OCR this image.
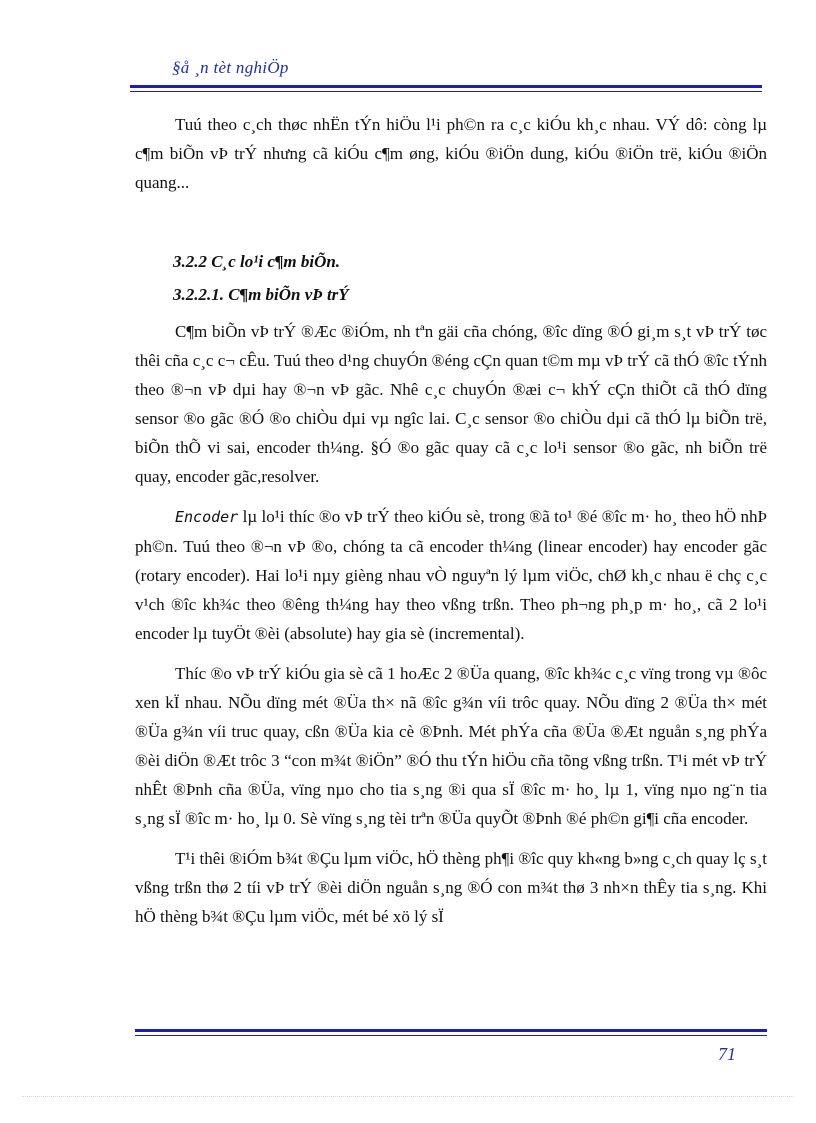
§å ¸n tèt nghiÖp

Tuú theo c¸ch thøc nhËn tÝn hiÖu l¹i ph©n ra c¸c kiÓu kh¸c nhau. VÝ dô: còng lµ c¶m biÕn vÞ trÝ nhưng cã kiÓu c¶m øng, kiÓu ®iÖn dung, kiÓu ®iÖn trë, kiÓu ®iÖn quang...

3.2.2 C¸c lo¹i c¶m biÕn.
3.2.2.1. C¶m biÕn vÞ trÝ

C¶m biÕn vÞ trÝ ®Æc ®iÓm, nh tªn gäi cña chóng, ®îc dïng ®Ó gi¸m s¸t vÞ trÝ tøc thêi cña c¸c c¬ cÊu. Tuú theo d¹ng chuyÓn ®éng cÇn quan t©m mµ vÞ trÝ cã thÓ ®îc tÝnh theo ®¬n vÞ dµi hay ®¬n vÞ gãc. Nhê c¸c chuyÓn ®æi c¬ khÝ cÇn thiÕt cã thÓ dïng sensor ®o gãc ®Ó ®o chiÒu dµi vµ ngîc lai. C¸c sensor ®o chiÒu dµi cã thÓ lµ biÕn trë, biÕn thÕ vi sai, encoder th¼ng. §Ó ®o gãc quay cã c¸c lo¹i sensor ®o gãc, nh biÕn trë quay, encoder gãc,resolver.

Encoder lµ lo¹i thíc ®o vÞ trÝ theo kiÓu sè, trong ®ã to¹ ®é ®îc m· ho¸ theo hÖ nhÞ ph©n. Tuú theo ®¬n vÞ ®o, chóng ta cã encoder th¼ng (linear encoder) hay encoder gãc (rotary encoder). Hai lo¹i nµy gièng nhau vÒ nguyªn lý lµm viÖc, chØ kh¸c nhau ë chç c¸c v¹ch ®îc kh¾c theo ®êng th¼ng hay theo vßng trßn. Theo ph¬ng ph¸p m· ho¸, cã 2 lo¹i encoder lµ tuyÖt ®èi (absolute) hay gia sè (incremental).

Thíc ®o vÞ trÝ kiÓu gia sè cã 1 hoÆc 2 ®Üa quang, ®îc kh¾c c¸c vïng trong vµ ®ôc xen kÏ nhau. NÕu dïng mét ®Üa th× nã ®îc g¾n víi trôc quay. NÕu dïng 2 ®Üa th× mét ®Üa g¾n víi truc quay, cßn ®Üa kia cè ®Þnh. Mét phÝa cña ®Üa ®Æt nguån s¸ng phÝa ®èi diÖn ®Æt trôc 3 “con m¾t ®iÖn” ®Ó thu tÝn hiÖu cña tõng vßng trßn. T¹i mét vÞ trÝ nhÊt ®Þnh cña ®Üa, vïng nµo cho tia s¸ng ®i qua sÏ ®îc m· ho¸ lµ 1, vïng nµo ng¨n tia s¸ng sÏ ®îc m· ho¸ lµ 0. Sè vïng s¸ng tèi trªn ®Üa quyÕt ®Þnh ®é ph©n gi¶i cña encoder.

T¹i thêi ®iÓm b¾t ®Çu lµm viÖc, hÖ thèng ph¶i ®îc quy kh«ng b»ng c¸ch quay lç s¸t vßng trßn thø 2 tíi vÞ trÝ ®èi diÖn nguån s¸ng ®Ó con m¾t thø 3 nh×n thÊy tia s¸ng. Khi hÖ thèng b¾t ®Çu lµm viÖc, mét bé xö lý sÏ

71
